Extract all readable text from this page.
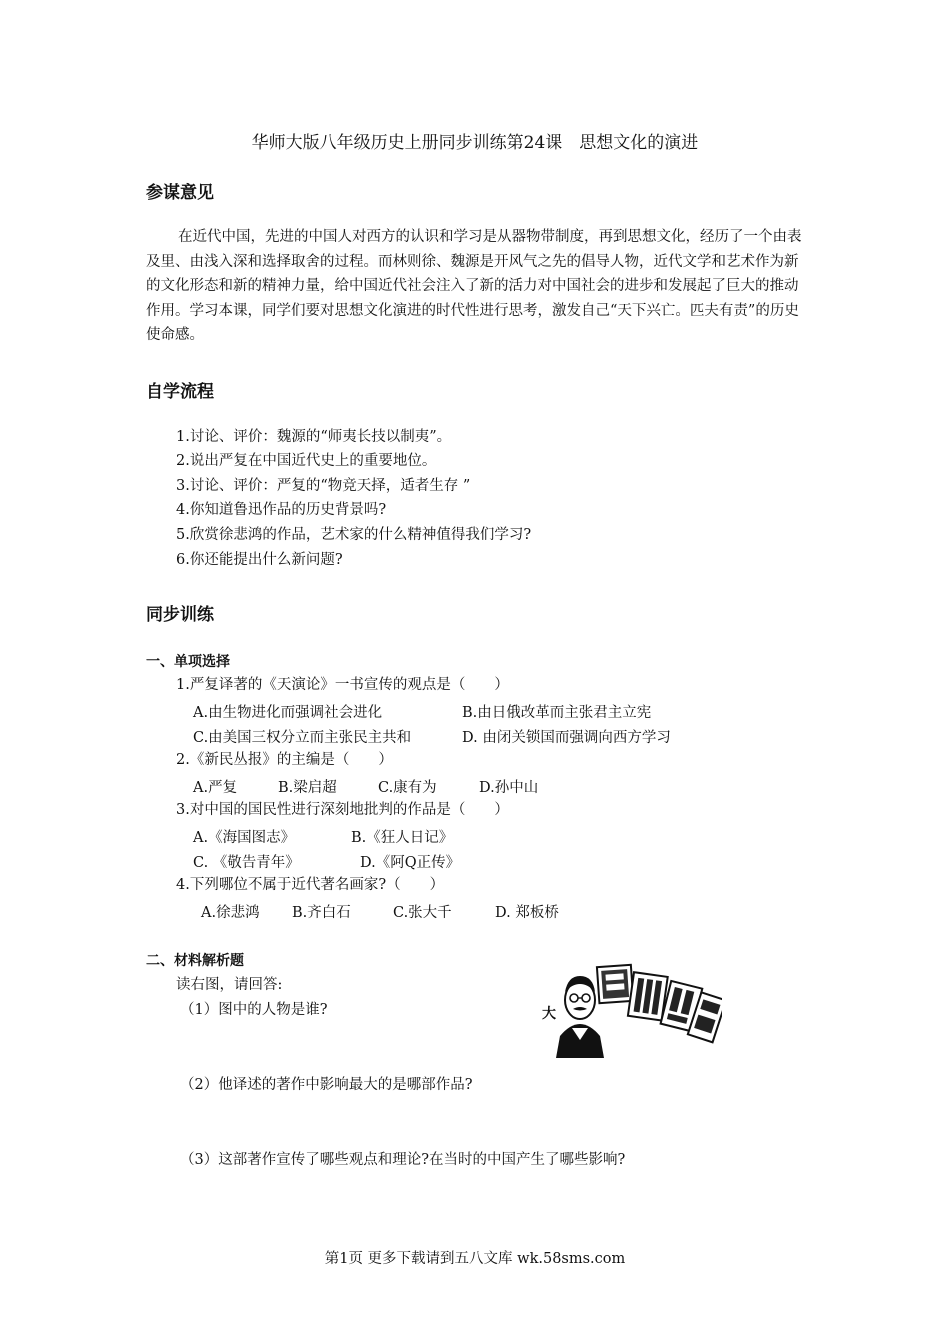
华师大版八年级历史上册同步训练第24课　思想文化的演进
参谋意见
在近代中国，先进的中国人对西方的认识和学习是从器物带制度，再到思想文化，经历了一个由表及里、由浅入深和选择取舍的过程。而林则徐、魏源是开风气之先的倡导人物，近代文学和艺术作为新的文化形态和新的精神力量，给中国近代社会注入了新的活力对中国社会的进步和发展起了巨大的推动作用。学习本课，同学们要对思想文化演进的时代性进行思考，激发自己“天下兴亡。匹夫有责”的历史使命感。
自学流程
1.讨论、评价：魏源的“师夷长技以制夷”。
2.说出严复在中国近代史上的重要地位。
3.讨论、评价：严复的“物竞天择，适者生存 ”
4.你知道鲁迅作品的历史背景吗?
5.欣赏徐悲鸿的作品，艺术家的什么精神值得我们学习?
6.你还能提出什么新问题?
同步训练
一、单项选择
1.严复译著的《天演论》一书宣传的观点是（　　）
A.由生物进化而强调社会进化	B.由日俄改革而主张君主立宪
C.由美国三权分立而主张民主共和	D. 由闭关锁国而强调向西方学习
2.《新民丛报》的主编是（　　）
A.严复	B.梁启超	C.康有为	D.孙中山
3.对中国的国民性进行深刻地批判的作品是（　　）
A.《海国图志》	B.《狂人日记》
C. 《敬告青年》	D.《阿Q正传》
4.下列哪位不属于近代著名画家?（　　）
A.徐悲鸿 B.齐白石	C.张大千	D. 郑板桥
二、材料解析题
读右图，请回答:
（1）图中的人物是谁?	大
（2）他译述的著作中影响最大的是哪部作品?
（3）这部著作宣传了哪些观点和理论?在当时的中国产生了哪些影响?
第1页 更多下载请到五八文库 wk.58sms.com
